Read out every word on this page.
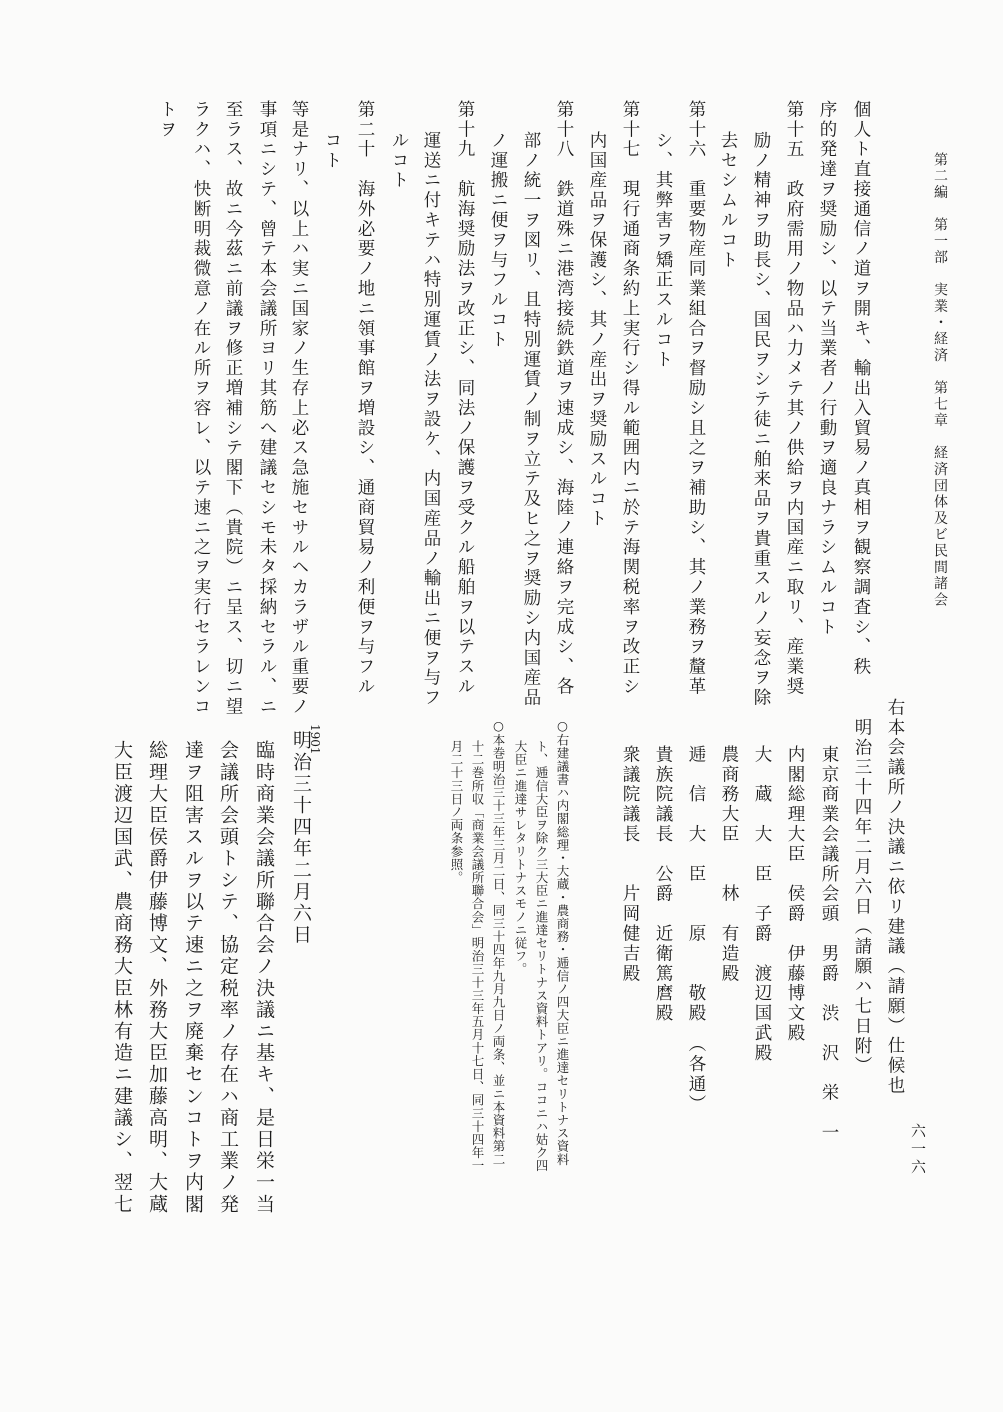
第二編　第一部　実業・経済　第七章　経済団体及ビ民間諸会
六一六
個人ト直接通信ノ道ヲ開キ、輸出入貿易ノ真相ヲ観察調査シ、秩
序的発達ヲ奨励シ、以テ当業者ノ行動ヲ適良ナラシムルコト
第十五　政府需用ノ物品ハ力メテ其ノ供給ヲ内国産ニ取リ、産業奨
励ノ精神ヲ助長シ、国民ヲシテ徒ニ舶来品ヲ貴重スルノ妄念ヲ除
去セシムルコト
第十六　重要物産同業組合ヲ督励シ且之ヲ補助シ、其ノ業務ヲ釐革
シ、其弊害ヲ矯正スルコト
第十七　現行通商条約上実行シ得ル範囲内ニ於テ海関税率ヲ改正シ
内国産品ヲ保護シ、其ノ産出ヲ奨励スルコト
第十八　鉄道殊ニ港湾接続鉄道ヲ速成シ、海陸ノ連絡ヲ完成シ、各
部ノ統一ヲ図リ、且特別運賃ノ制ヲ立テ及ヒ之ヲ奨励シ内国産品
ノ運搬ニ便ヲ与フルコト
第十九　航海奨励法ヲ改正シ、同法ノ保護ヲ受クル船舶ヲ以テスル
運送ニ付キテハ特別運賃ノ法ヲ設ケ、内国産品ノ輸出ニ便ヲ与フ
ルコト
第二十　海外必要ノ地ニ領事館ヲ増設シ、通商貿易ノ利便ヲ与フル
コト
等是ナリ、以上ハ実ニ国家ノ生存上必ス急施セサルヘカラザル重要ノ
事項ニシテ、曾テ本会議所ヨリ其筋へ建議セシモ未タ採納セラル、ニ
至ラス、故ニ今茲ニ前議ヲ修正増補シテ閣下（貴院）ニ呈ス、切ニ望
ラクハ、快断明裁微意ノ在ル所ヲ容レ、以テ速ニ之ヲ実行セラレンコ
トヲ
右本会議所ノ決議ニ依リ建議（請願）仕候也
明治三十四年二月六日（請願ハ七日附）
東京商業会議所会頭　男爵　渋　沢　栄　一
内閣総理大臣　侯爵　伊藤博文殿
大　蔵　大　臣　子爵　渡辺国武殿
農商務大臣　　林　有造殿
逓　信　大　臣　　原　　敬殿　（各通）
貴族院議長　公爵　近衛篤麿殿
衆議院議長　　片岡健吉殿
○右建議書ハ内閣総理・大蔵・農商務・逓信ノ四大臣ニ進達セリトナス資料
ト、逓信大臣ヲ除ク三大臣ニ進達セリトナス資料トアリ。ココニハ姑ク四
大臣ニ進達サレタリトナスモノニ従フ。
○本巻明治三十三年三月二日、同三十四年九月九日ノ両条、並ニ本資料第二
十二巻所収「商業会議所聯合会」明治三十三年五月十七日、同三十四年一
月二十三日ノ両条参照。
明治三十四年二月六日
臨時商業会議所聯合会ノ決議ニ基キ、是日栄一当
会議所会頭トシテ、協定税率ノ存在ハ商工業ノ発
達ヲ阻害スルヲ以テ速ニ之ヲ廃棄センコトヲ内閣
総理大臣侯爵伊藤博文、外務大臣加藤高明、大蔵
大臣渡辺国武、農商務大臣林有造ニ建議シ、翌七
1901
